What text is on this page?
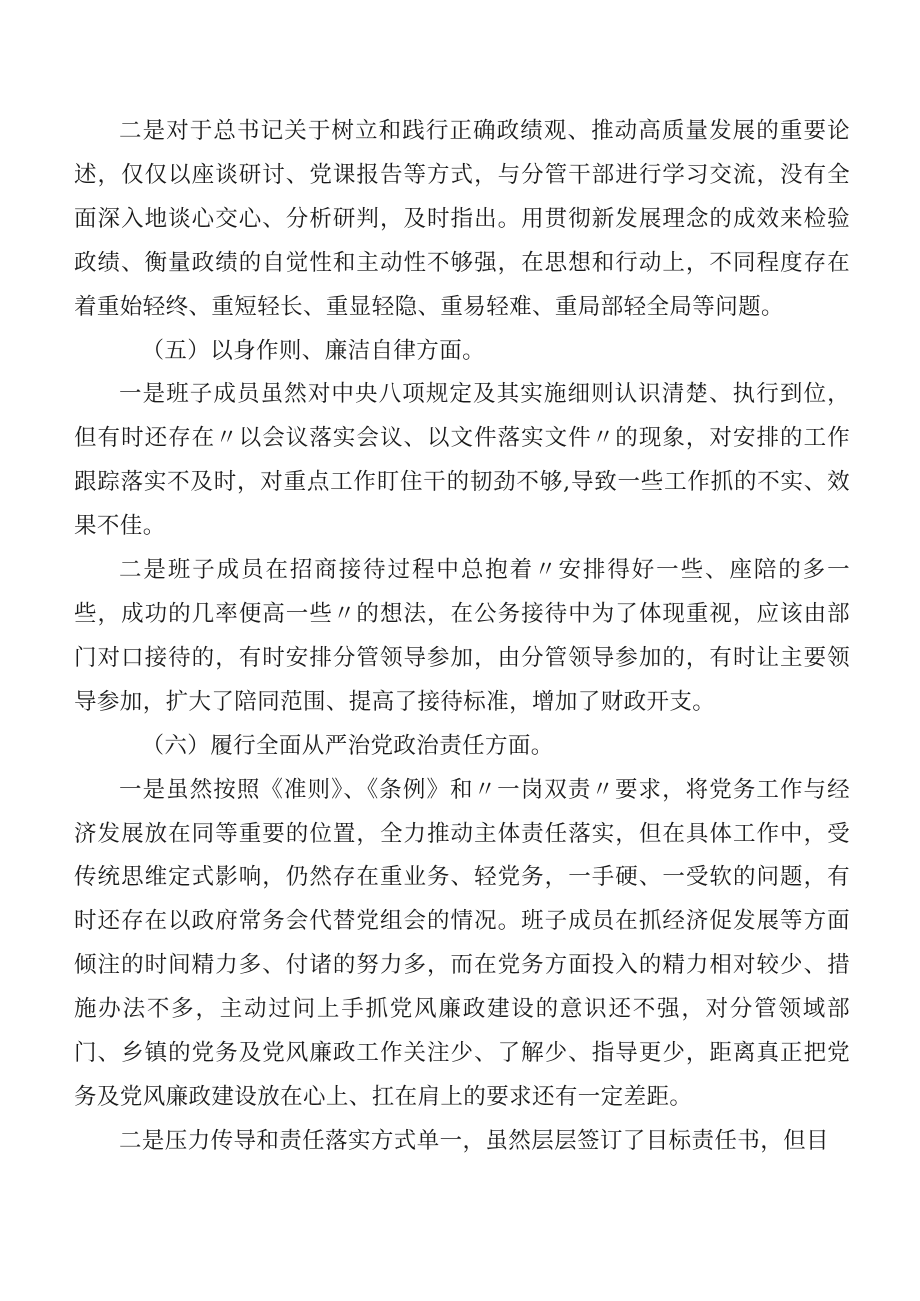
二是对于总书记关于树立和践行正确政绩观、推动高质量发展的重要论述，仅仅以座谈研讨、党课报告等方式，与分管干部进行学习交流，没有全面深入地谈心交心、分析研判，及时指出。用贯彻新发展理念的成效来检验政绩、衡量政绩的自觉性和主动性不够强，在思想和行动上，不同程度存在着重始轻终、重短轻长、重显轻隐、重易轻难、重局部轻全局等问题。

（五）以身作则、廉洁自律方面。

一是班子成员虽然对中央八项规定及其实施细则认识清楚、执行到位，但有时还存在〃以会议落实会议、以文件落实文件〃的现象，对安排的工作跟踪落实不及时，对重点工作盯住干的韧劲不够,导致一些工作抓的不实、效果不佳。

二是班子成员在招商接待过程中总抱着〃安排得好一些、座陪的多一些，成功的几率便高一些〃的想法，在公务接待中为了体现重视，应该由部门对口接待的，有时安排分管领导参加，由分管领导参加的，有时让主要领导参加，扩大了陪同范围、提高了接待标准，增加了财政开支。

（六）履行全面从严治党政治责任方面。

一是虽然按照《准则》、《条例》和〃一岗双责〃要求，将党务工作与经济发展放在同等重要的位置，全力推动主体责任落实，但在具体工作中，受传统思维定式影响，仍然存在重业务、轻党务，一手硬、一受软的问题，有时还存在以政府常务会代替党组会的情况。班子成员在抓经济促发展等方面倾注的时间精力多、付诸的努力多，而在党务方面投入的精力相对较少、措施办法不多，主动过问上手抓党风廉政建设的意识还不强，对分管领域部门、乡镇的党务及党风廉政工作关注少、了解少、指导更少，距离真正把党务及党风廉政建设放在心上、扛在肩上的要求还有一定差距。

二是压力传导和责任落实方式单一，虽然层层签订了目标责任书，但目
